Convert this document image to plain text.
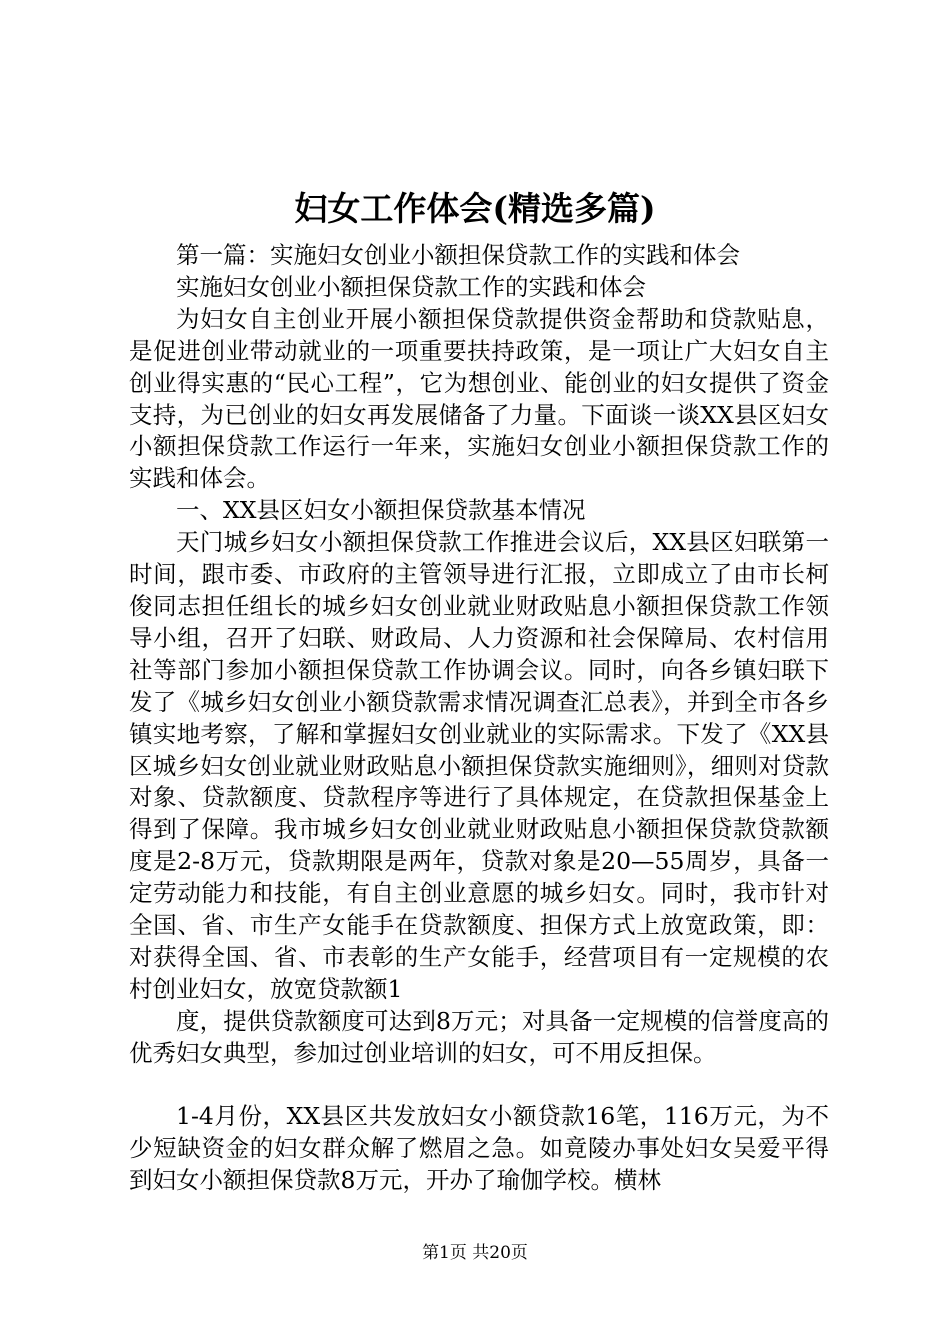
妇女工作体会(精选多篇)

第一篇：实施妇女创业小额担保贷款工作的实践和体会

实施妇女创业小额担保贷款工作的实践和体会

为妇女自主创业开展小额担保贷款提供资金帮助和贷款贴息，是促进创业带动就业的一项重要扶持政策，是一项让广大妇女自主创业得实惠的“民心工程”，它为想创业、能创业的妇女提供了资金支持，为已创业的妇女再发展储备了力量。下面谈一谈XX县区妇女小额担保贷款工作运行一年来，实施妇女创业小额担保贷款工作的实践和体会。

一、XX县区妇女小额担保贷款基本情况

天门城乡妇女小额担保贷款工作推进会议后，XX县区妇联第一时间，跟市委、市政府的主管领导进行汇报，立即成立了由市长柯俊同志担任组长的城乡妇女创业就业财政贴息小额担保贷款工作领导小组，召开了妇联、财政局、人力资源和社会保障局、农村信用社等部门参加小额担保贷款工作协调会议。同时，向各乡镇妇联下发了《城乡妇女创业小额贷款需求情况调查汇总表》，并到全市各乡镇实地考察，了解和掌握妇女创业就业的实际需求。下发了《XX县区城乡妇女创业就业财政贴息小额担保贷款实施细则》，细则对贷款对象、贷款额度、贷款程序等进行了具体规定，在贷款担保基金上得到了保障。我市城乡妇女创业就业财政贴息小额担保贷款贷款额度是2-8万元，贷款期限是两年，贷款对象是20—55周岁，具备一定劳动能力和技能，有自主创业意愿的城乡妇女。同时，我市针对全国、省、市生产女能手在贷款额度、担保方式上放宽政策，即：对获得全国、省、市表彰的生产女能手，经营项目有一定规模的农村创业妇女，放宽贷款额1

度，提供贷款额度可达到8万元；对具备一定规模的信誉度高的优秀妇女典型，参加过创业培训的妇女，可不用反担保。

1-4月份，XX县区共发放妇女小额贷款16笔，116万元，为不少短缺资金的妇女群众解了燃眉之急。如竟陵办事处妇女吴爱平得到妇女小额担保贷款8万元，开办了瑜伽学校。横林

第1页 共20页
